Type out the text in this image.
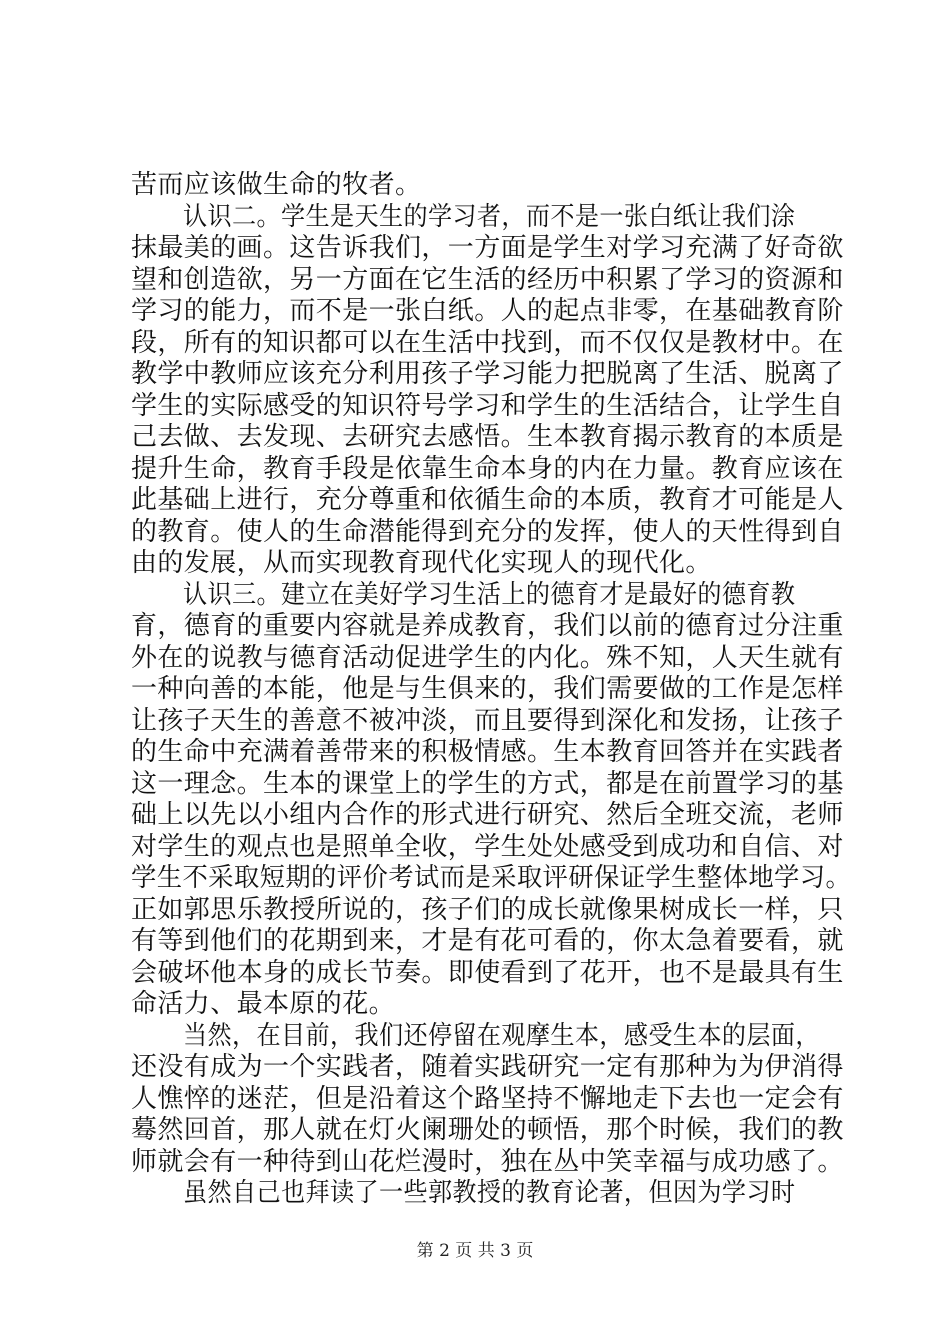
苦而应该做生命的牧者。
认识二。学生是天生的学习者，而不是一张白纸让我们涂
抹最美的画。这告诉我们，一方面是学生对学习充满了好奇欲
望和创造欲，另一方面在它生活的经历中积累了学习的资源和
学习的能力，而不是一张白纸。人的起点非零，在基础教育阶
段，所有的知识都可以在生活中找到，而不仅仅是教材中。在
教学中教师应该充分利用孩子学习能力把脱离了生活、脱离了
学生的实际感受的知识符号学习和学生的生活结合，让学生自
己去做、去发现、去研究去感悟。生本教育揭示教育的本质是
提升生命，教育手段是依靠生命本身的内在力量。教育应该在
此基础上进行，充分尊重和依循生命的本质，教育才可能是人
的教育。使人的生命潜能得到充分的发挥，使人的天性得到自
由的发展，从而实现教育现代化实现人的现代化。
认识三。建立在美好学习生活上的德育才是最好的德育教
育，德育的重要内容就是养成教育，我们以前的德育过分注重
外在的说教与德育活动促进学生的内化。殊不知，人天生就有
一种向善的本能，他是与生俱来的，我们需要做的工作是怎样
让孩子天生的善意不被冲淡，而且要得到深化和发扬，让孩子
的生命中充满着善带来的积极情感。生本教育回答并在实践者
这一理念。生本的课堂上的学生的方式，都是在前置学习的基
础上以先以小组内合作的形式进行研究、然后全班交流，老师
对学生的观点也是照单全收，学生处处感受到成功和自信、对
学生不采取短期的评价考试而是采取评研保证学生整体地学习。
正如郭思乐教授所说的，孩子们的成长就像果树成长一样，只
有等到他们的花期到来，才是有花可看的，你太急着要看，就
会破坏他本身的成长节奏。即使看到了花开，也不是最具有生
命活力、最本原的花。
当然，在目前，我们还停留在观摩生本，感受生本的层面，
还没有成为一个实践者，随着实践研究一定有那种为为伊消得
人憔悴的迷茫，但是沿着这个路坚持不懈地走下去也一定会有
蓦然回首，那人就在灯火阑珊处的顿悟，那个时候，我们的教
师就会有一种待到山花烂漫时，独在丛中笑幸福与成功感了。
虽然自己也拜读了一些郭教授的教育论著，但因为学习时
第 2 页 共 3 页
